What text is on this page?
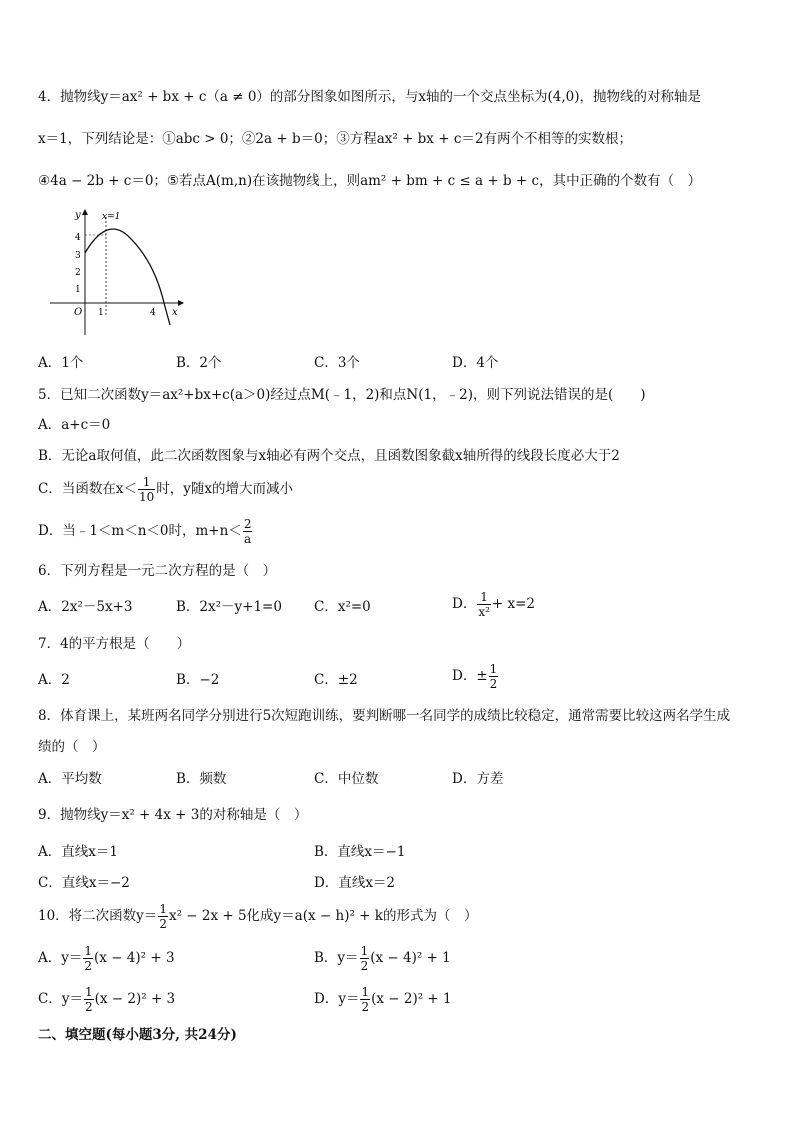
4．抛物线y＝ax² + bx + c（a ≠ 0）的部分图象如图所示，与x轴的一个交点坐标为(4,0)，抛物线的对称轴是
x＝1，下列结论是：①abc > 0；②2a + b＝0；③方程ax² + bx + c＝2有两个不相等的实数根；
④4a − 2b + c＝0；⑤若点A(m,n)在该抛物线上，则am² + bm + c ≤ a + b + c，其中正确的个数有（　）
y x=1
4
3
2
1
O 1	4 x
A．1个	B．2个	C．3个	D．4个
5．已知二次函数y＝ax²+bx+c(a＞0)经过点M(﹣1，2)和点N(1，﹣2)，则下列说法错误的是(　　)
A．a+c＝0
B．无论a取何值，此二次函数图象与x轴必有两个交点，且函数图象截x轴所得的线段长度必大于2
C．当函数在$x< \frac{1}{10}$ 时，y随x的增大而减小
D．当﹣1＜m＜n＜0时，$m+n< \frac{2}{a}$
6．下列方程是一元二次方程的是（　）
A．2x²－5x+3	B．2x²－y+1=0 C．x²=0	D． $\frac{1}{\text{x²}} + x=2$
7．4的平方根是（　　）
A．2	B．−2	C．±2	D．± $\frac{1}{2}$
8．体育课上，某班两名同学分别进行5次短跑训练，要判断哪一名同学的成绩比较稳定，通常需要比较这两名学生成
绩的（　）
A．平均数	B．频数	C．中位数	D．方差
9．抛物线y＝x² + 4x + 3的对称轴是（　）
A．直线x＝1	B．直线x＝−1
C．直线x＝−2	D．直线x＝2
10．将二次函数$y= \frac{1}{2} x^2 - 2x + 5$化成y＝a(x − h)² + k的形式为（　）
A．$y= \frac{1}{2} (x - 4)^2 + 3$	B．$y= \frac{1}{2} (x - 4)^2 + 1$
C．$y= \frac{1}{2} (x - 2)^2 + 3$	D．$y= \frac{1}{2} (x - 2)^2 + 1$
二、填空题(每小题3分, 共24分)
